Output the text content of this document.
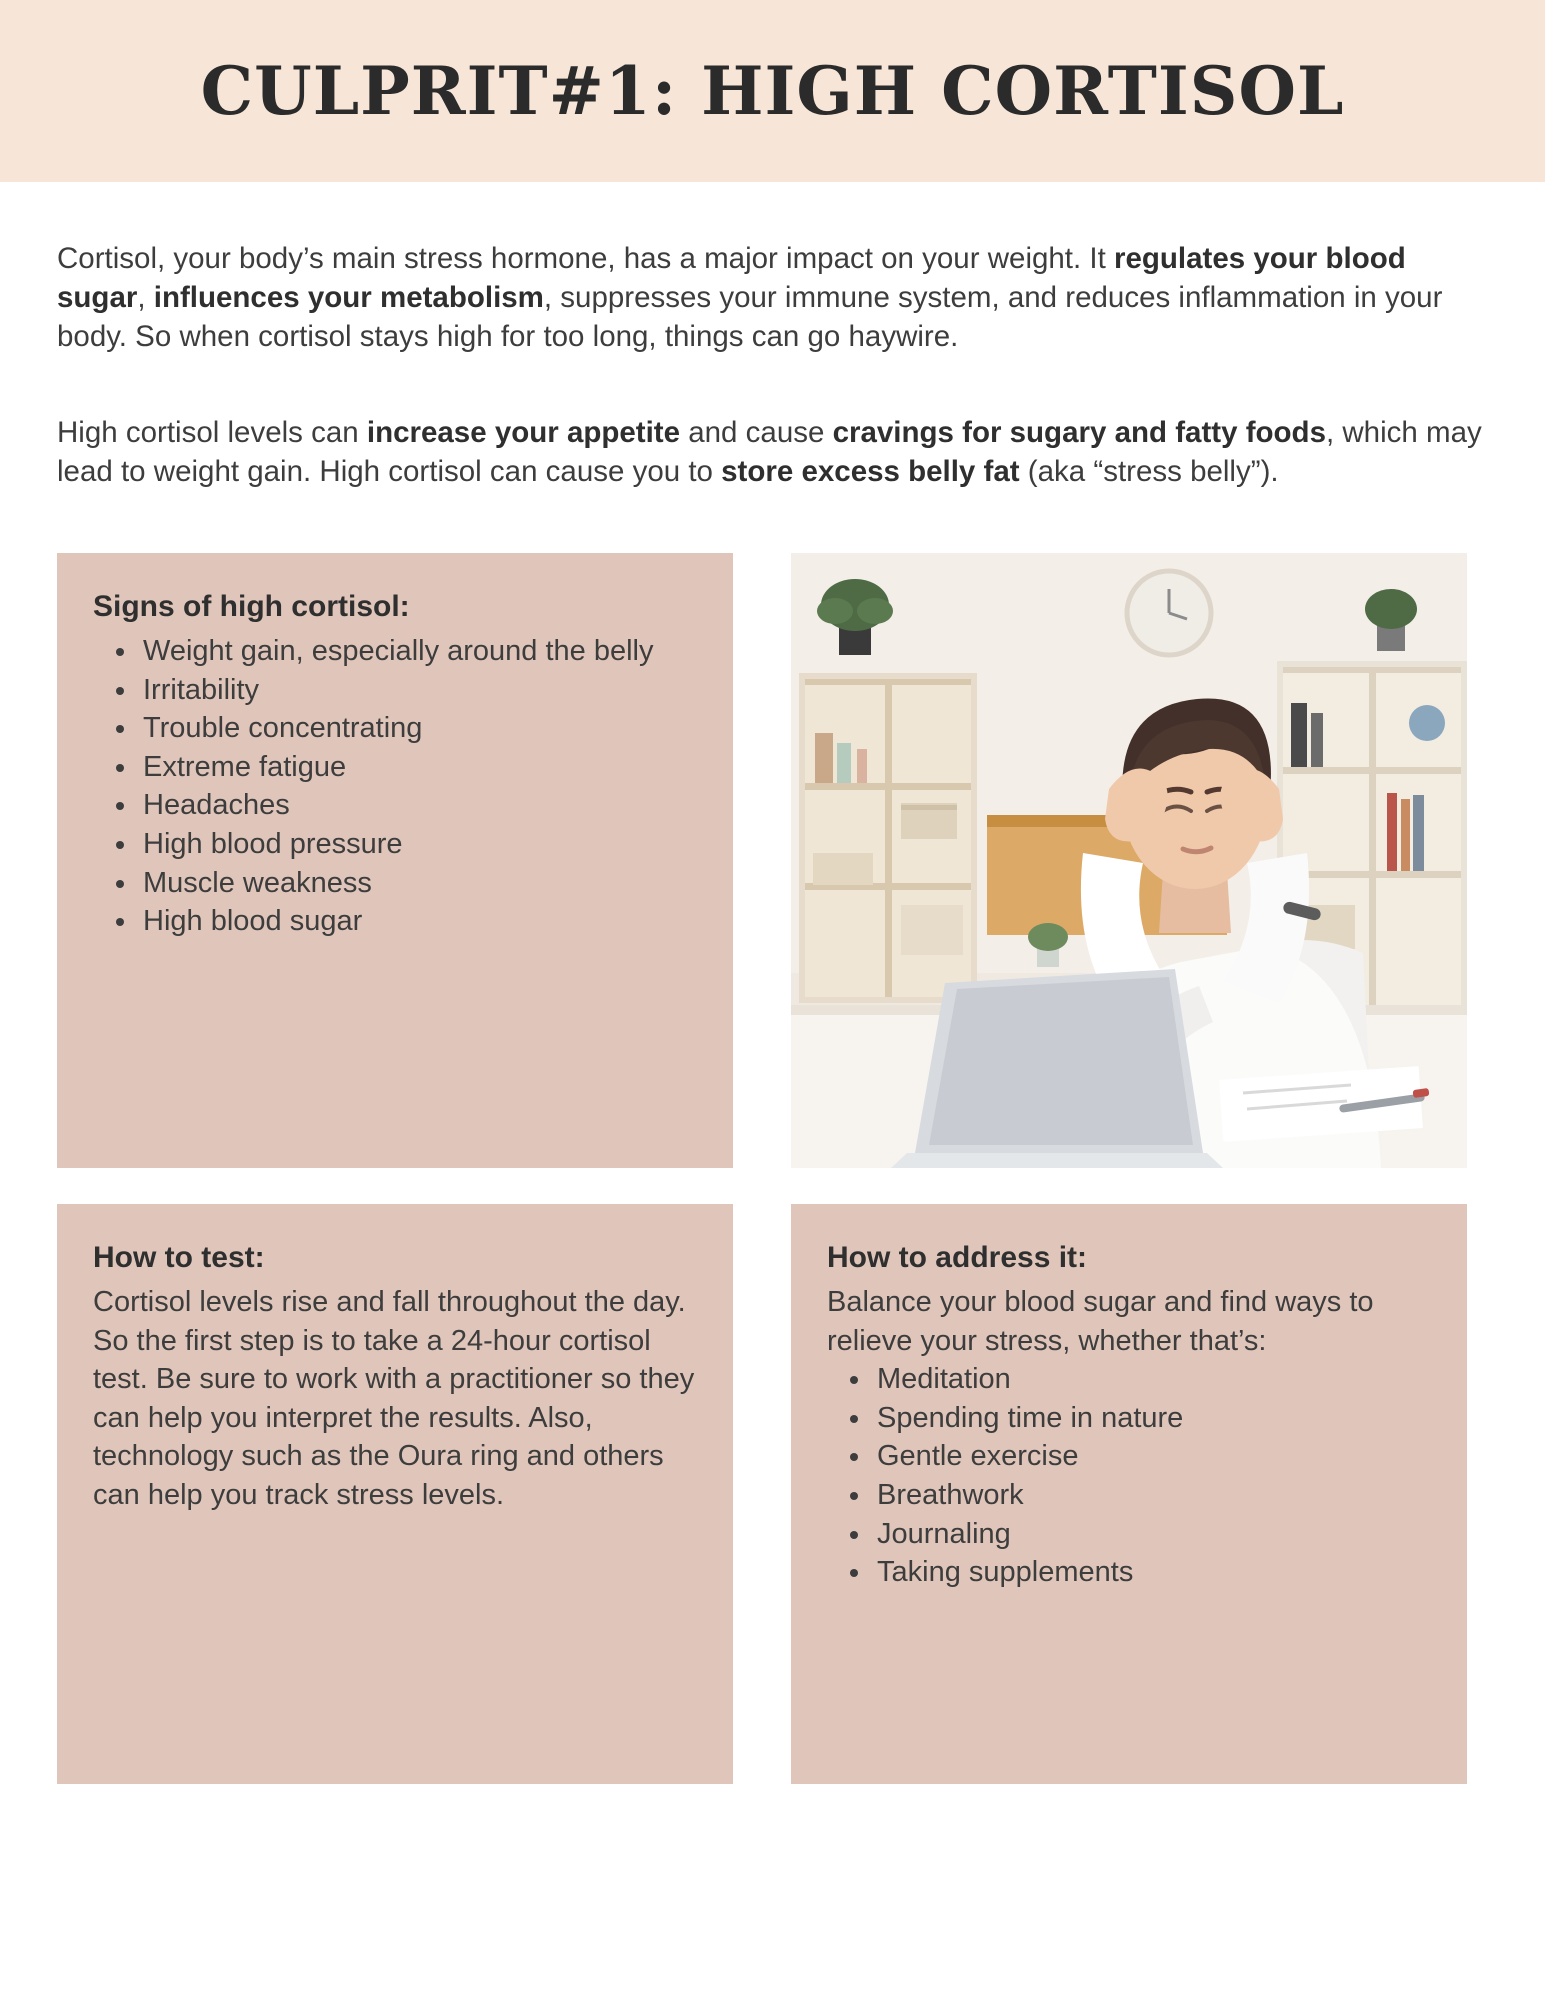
CULPRIT#1: HIGH CORTISOL

Cortisol, your body’s main stress hormone, has a major impact on your weight. It regulates your blood sugar, influences your metabolism, suppresses your immune system, and reduces inflammation in your body. So when cortisol stays high for too long, things can go haywire.

High cortisol levels can increase your appetite and cause cravings for sugary and fatty foods, which may lead to weight gain. High cortisol can cause you to store excess belly fat (aka “stress belly”).

Signs of high cortisol:
• Weight gain, especially around the belly
• Irritability
• Trouble concentrating
• Extreme fatigue
• Headaches
• High blood pressure
• Muscle weakness
• High blood sugar
How to test:

Cortisol levels rise and fall throughout the day. So the first step is to take a 24-hour cortisol test. Be sure to work with a practitioner so they can help you interpret the results. Also, technology such as the Oura ring and others can help you track stress levels.

How to address it:

Balance your blood sugar and find ways to relieve your stress, whether that’s:

• Meditation
• Spending time in nature
• Gentle exercise
• Breathwork
• Journaling
• Taking supplements
